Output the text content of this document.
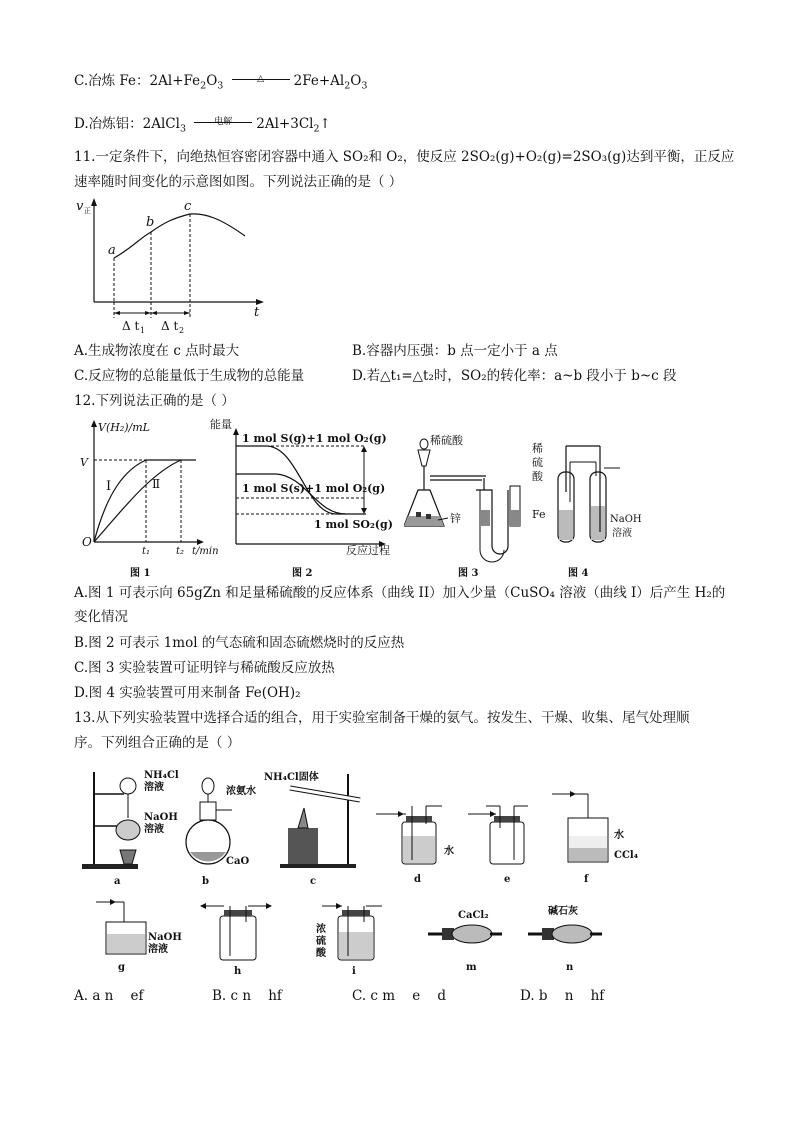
C.冶炼 Fe：$2Al+Fe_2O_3$
△	$2Fe+Al_2O_3$
D.冶炼铝：2AlCl$_3$
电解	$2Al+3Cl_2↑$
11.一定条件下，向绝热恒容密闭容器中通入 SO₂和 O₂，使反应 2SO₂(g)+O₂(g)=2SO₃(g)达到平衡，正反应
速率随时间变化的示意图如图。下列说法正确的是（ ）
v 正
t
a
b
c
Δ t 1 Δ t 2
A.生成物浓度在 c 点时最大	B.容器内压强：b 点一定小于 a 点
C.反应物的总能量低于生成物的总能量	D.若△t₁=△t₂时，SO₂的转化率：a~b 段小于 b~c 段
12.下列说法正确的是（ ）
V(H₂)/mL
V
Ⅰ	Ⅱ
O
t₁	t₂ t/min
图 1
能量
1 mol S(g)+1 mol O₂(g)
1 mol S(s)+1 mol O₂(g)
1 mol SO₂(g)
反应过程
图 2
稀硫酸
锌
图 3
稀
硫
酸
Fe	NaOH
溶液
图 4
A.图 1 可表示向 65gZn 和足量稀硫酸的反应体系（曲线 II）加入少量（CuSO₄ 溶液（曲线 I）后产生 H₂的
变化情况
B.图 2 可表示 1mol 的气态硫和固态硫燃烧时的反应热
C.图 3 实验装置可证明锌与稀硫酸反应放热
D.图 4 实验装置可用来制备 Fe(OH)₂
13.从下列实验装置中选择合适的组合，用于实验室制备干燥的氨气。按发生、干燥、收集、尾气处理顺
序。下列组合正确的是（ ）
NH₄Cl
溶液
NaOH
溶液
a
浓氨水
CaO
b
NH₄Cl固体
c
水
d	e
水
CCl₄
f
NaOH
溶液
g	h
浓
硫
酸
i
CaCl₂
m
碱石灰
n
A. a n    ef	B. c n    hf	C. c m    e    d	D. b    n    hf
